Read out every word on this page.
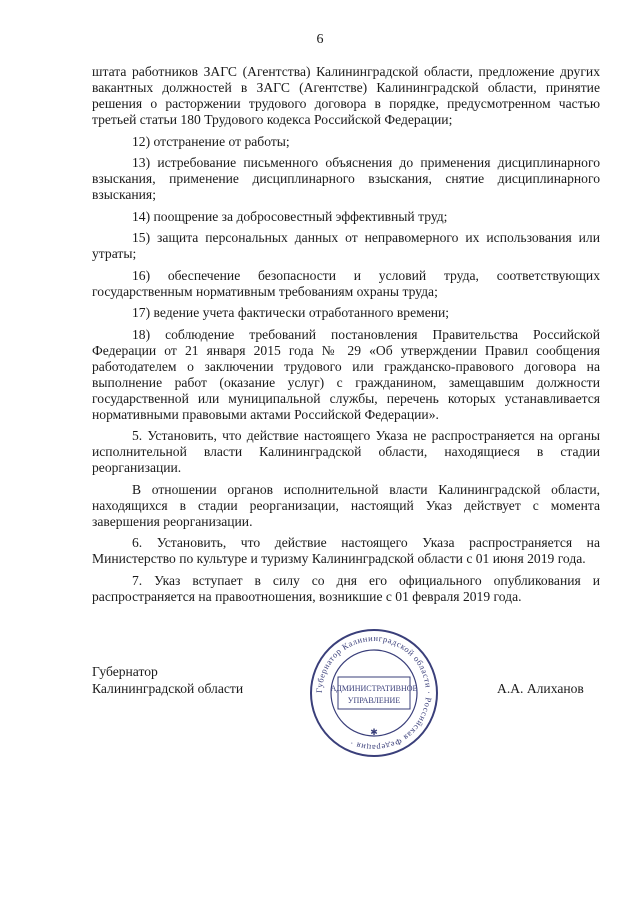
6

штата работников ЗАГС (Агентства) Калининградской области, предложение других вакантных должностей в ЗАГС (Агентстве) Калининградской области, принятие решения о расторжении трудового договора в порядке, предусмотренном частью третьей статьи 180 Трудового кодекса Российской Федерации;

12) отстранение от работы;

13) истребование письменного объяснения до применения дисциплинарного взыскания, применение дисциплинарного взыскания, снятие дисциплинарного взыскания;

14) поощрение за добросовестный эффективный труд;

15) защита персональных данных от неправомерного их использования или утраты;

16) обеспечение безопасности и условий труда, соответствующих государственным нормативным требованиям охраны труда;

17) ведение учета фактически отработанного времени;

18) соблюдение требований постановления Правительства Российской Федерации от 21 января 2015 года № 29 «Об утверждении Правил сообщения работодателем о заключении трудового или гражданско-правового договора на выполнение работ (оказание услуг) с гражданином, замещавшим должности государственной или муниципальной службы, перечень которых устанавливается нормативными правовыми актами Российской Федерации».

5. Установить, что действие настоящего Указа не распространяется на органы исполнительной власти Калининградской области, находящиеся в стадии реорганизации.

В отношении органов исполнительной власти Калининградской области, находящихся в стадии реорганизации, настоящий Указ действует с момента завершения реорганизации.

6. Установить, что действие настоящего Указа распространяется на Министерство по культуре и туризму Калининградской области с 01 июня 2019 года.

7. Указ вступает в силу со дня его официального опубликования и распространяется на правоотношения, возникшие с 01 февраля 2019 года.

Губернатор
Калининградской области	А.А. Алиханов
Губернатор Калининградской области · Российская Федерация ·
АДМИНИСТРАТИВНОЕ
УПРАВЛЕНИЕ
✱
